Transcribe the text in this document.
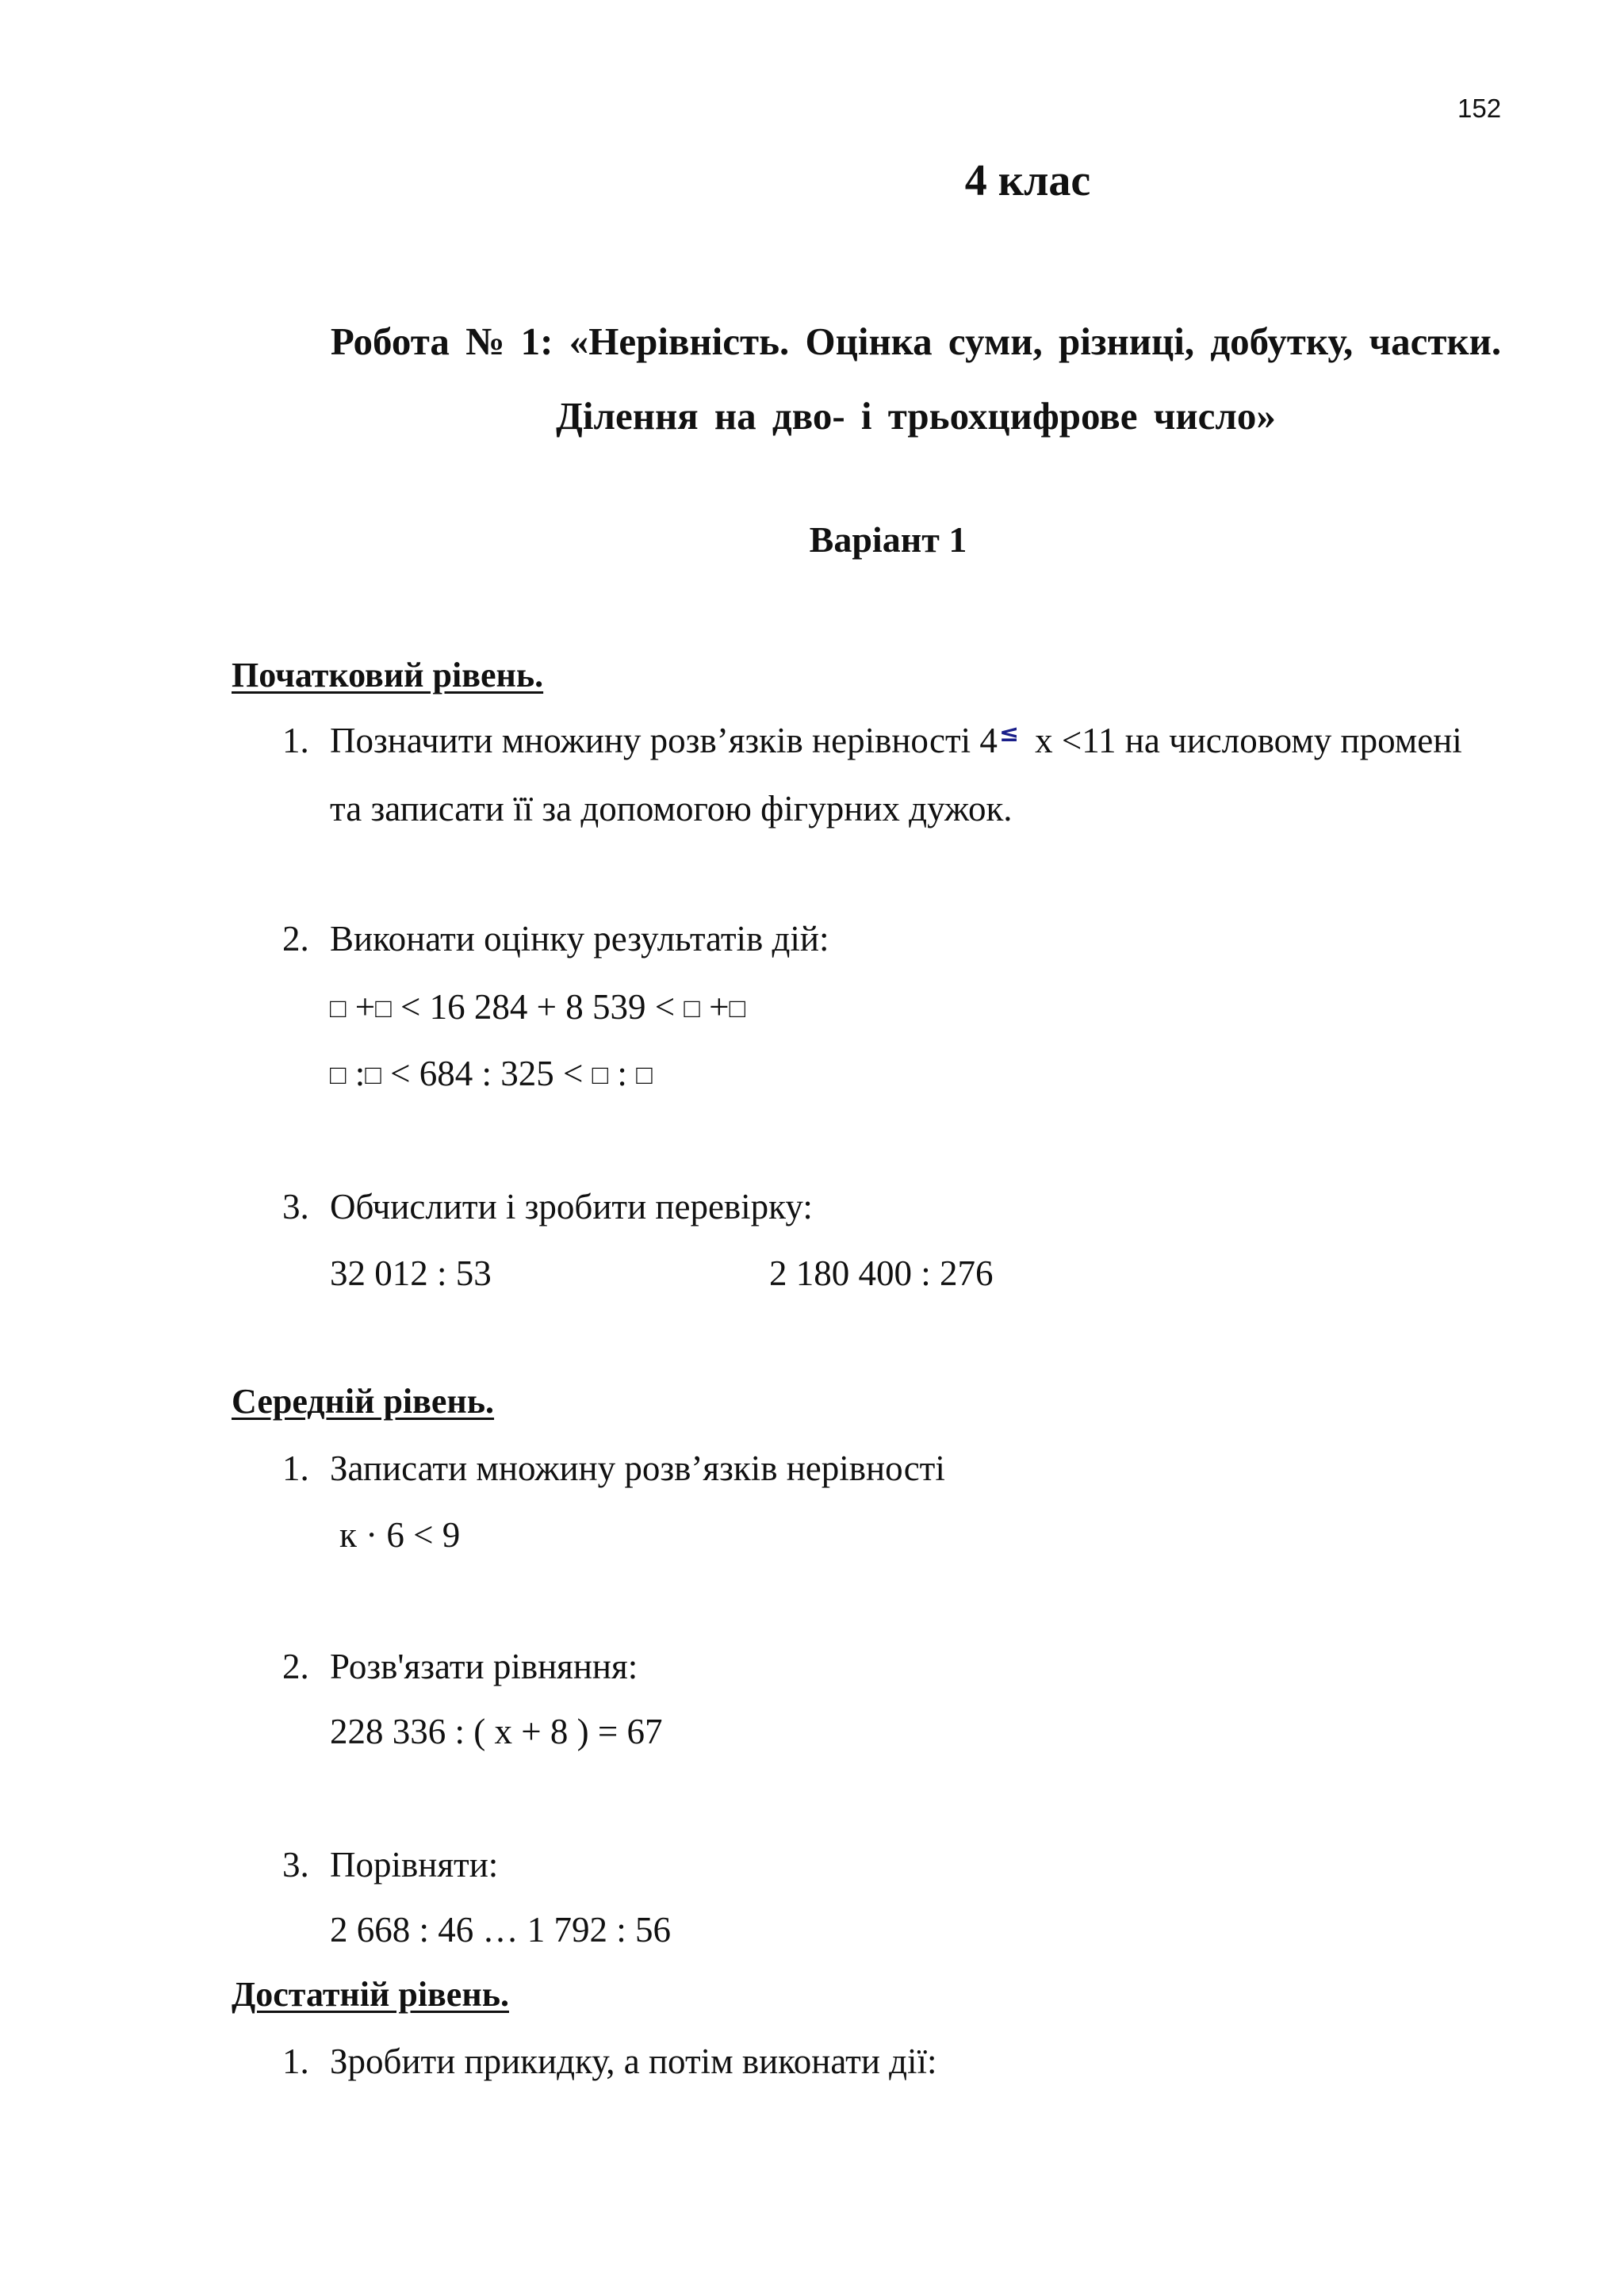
152
4 клас
Робота № 1: «Нерівність. Оцінка суми, різниці, добутку, частки.
Ділення на дво- і трьохцифрове число»
Варіант 1
Початковий рівень.
1. Позначити множину розв’язків нерівності 4≤ x <11 на числовому промені
та записати її за допомогою фігурних дужок.
2. Виконати оцінку результатів дій:
□ +□ < 16 284 + 8 539 < □ +□
□ :□ < 684 : 325 < □ : □
3. Обчислити і зробити перевірку:
32 012 : 53	2 180 400 : 276
Середній рівень.
1. Записати множину розв’язків нерівності
к · 6 < 9
2. Розв'язати рівняння:
228 336 : ( х + 8 ) = 67
3. Порівняти:
2 668 : 46 … 1 792 : 56
Достатній рівень.
1. Зробити прикидку, а потім виконати дії:
